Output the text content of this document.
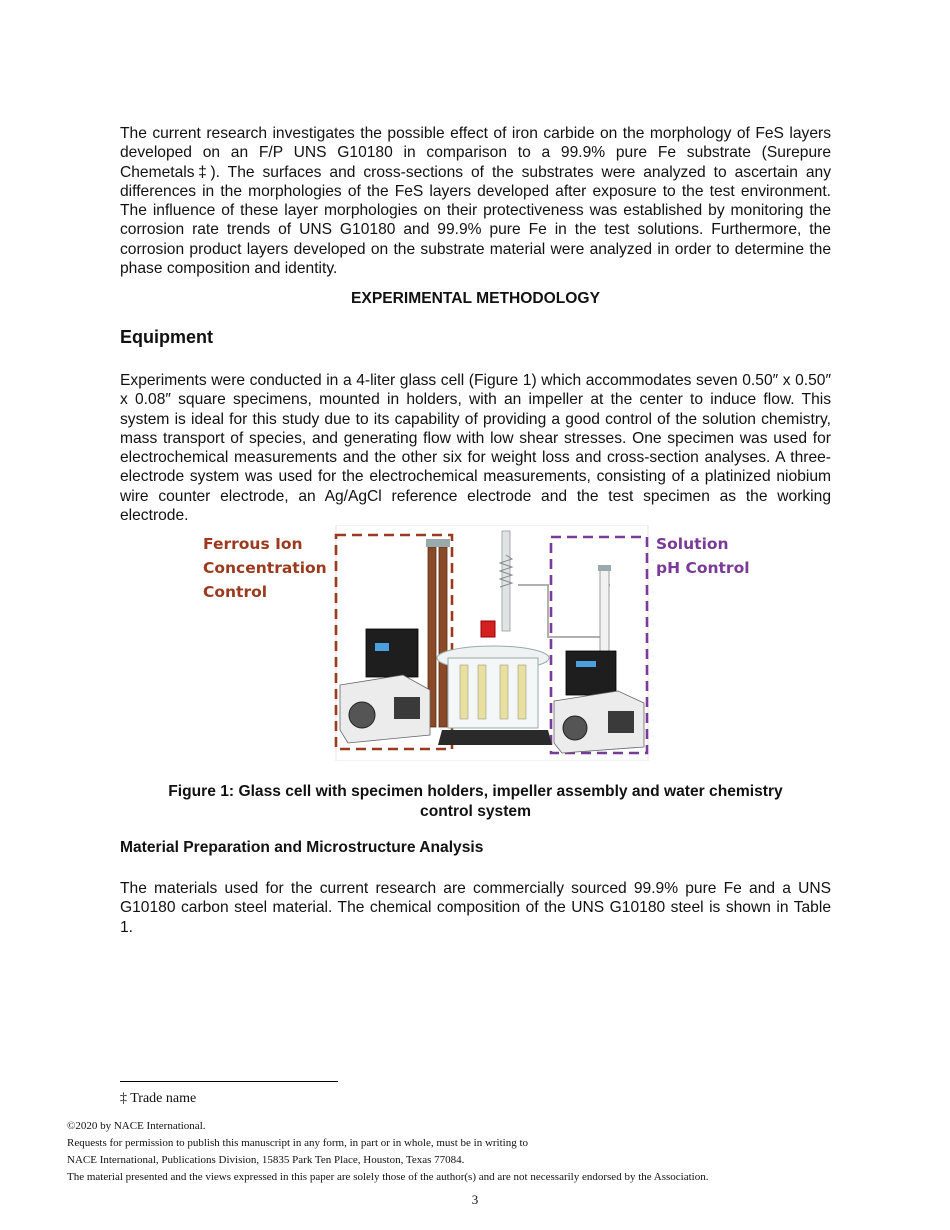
The current research investigates the possible effect of iron carbide on the morphology of FeS layers developed on an F/P UNS G10180 in comparison to a 99.9% pure Fe substrate (Surepure Chemetals‡). The surfaces and cross-sections of the substrates were analyzed to ascertain any differences in the morphologies of the FeS layers developed after exposure to the test environment. The influence of these layer morphologies on their protectiveness was established by monitoring the corrosion rate trends of UNS G10180 and 99.9% pure Fe in the test solutions. Furthermore, the corrosion product layers developed on the substrate material were analyzed in order to determine the phase composition and identity.

EXPERIMENTAL METHODOLOGY

Equipment

Experiments were conducted in a 4-liter glass cell (Figure 1) which accommodates seven 0.50″ x 0.50″ x 0.08″ square specimens, mounted in holders, with an impeller at the center to induce flow. This system is ideal for this study due to its capability of providing a good control of the solution chemistry, mass transport of species, and generating flow with low shear stresses. One specimen was used for electrochemical measurements and the other six for weight loss and cross-section analyses. A three-electrode system was used for the electrochemical measurements, consisting of a platinized niobium wire counter electrode, an Ag/AgCl reference electrode and the test specimen as the working electrode.

Ferrous Ion
Concentration
Control
Solution
pH Control

Figure 1: Glass cell with specimen holders, impeller assembly and water chemistry
control system

Material Preparation and Microstructure Analysis

The materials used for the current research are commercially sourced 99.9% pure Fe and a UNS G10180 carbon steel material. The chemical composition of the UNS G10180 steel is shown in Table 1.

‡ Trade name

©2020 by NACE International.

Requests for permission to publish this manuscript in any form, in part or in whole, must be in writing to

NACE International, Publications Division, 15835 Park Ten Place, Houston, Texas 77084.

The material presented and the views expressed in this paper are solely those of the author(s) and are not necessarily endorsed by the Association.

3
